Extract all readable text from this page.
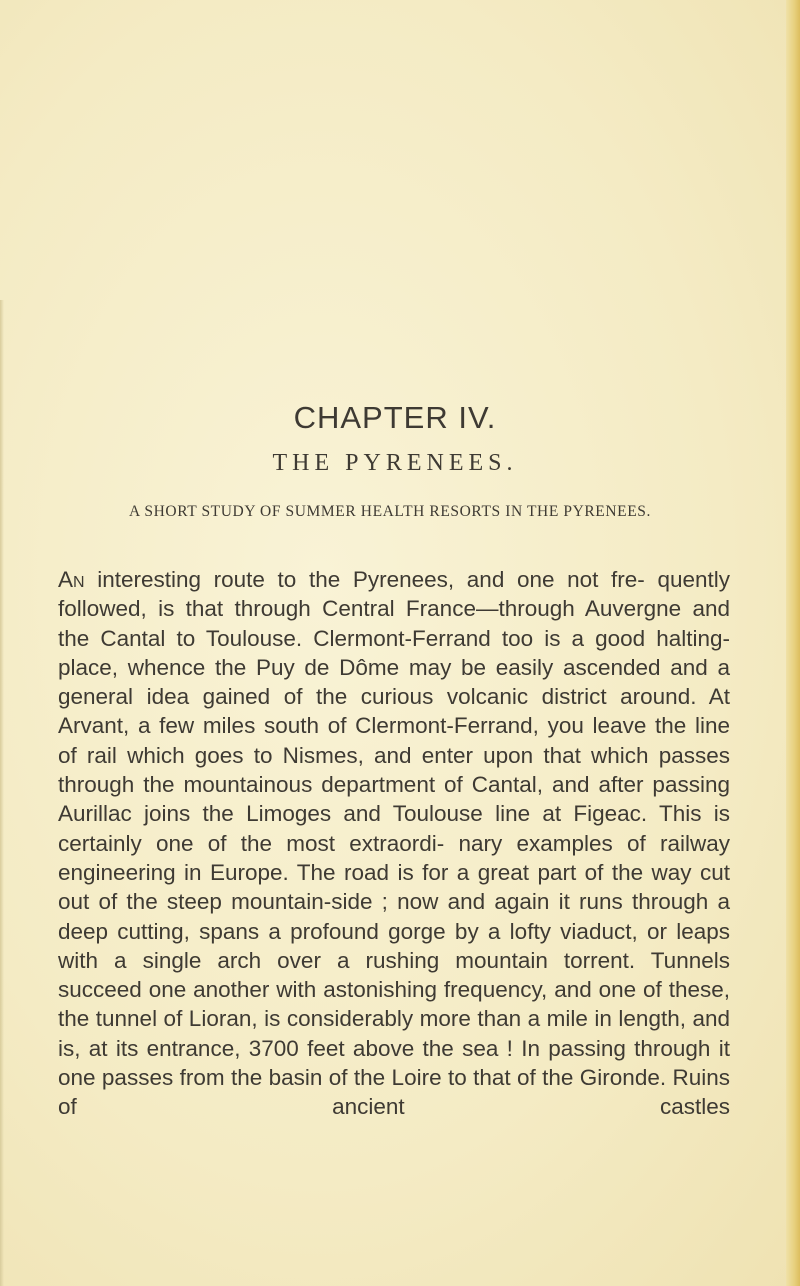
CHAPTER IV.
THE PYRENEES.

A SHORT STUDY OF SUMMER HEALTH RESORTS IN THE PYRENEES.

An interesting route to the Pyrenees, and one not fre- quently followed, is that through Central France—through Auvergne and the Cantal to Toulouse. Clermont-Ferrand too is a good halting-place, whence the Puy de Dôme may be easily ascended and a general idea gained of the curious volcanic district around. At Arvant, a few miles south of Clermont-Ferrand, you leave the line of rail which goes to Nismes, and enter upon that which passes through the mountainous department of Cantal, and after passing Aurillac joins the Limoges and Toulouse line at Figeac. This is certainly one of the most extraordi- nary examples of railway engineering in Europe. The road is for a great part of the way cut out of the steep mountain-side ; now and again it runs through a deep cutting, spans a profound gorge by a lofty viaduct, or leaps with a single arch over a rushing mountain torrent. Tunnels succeed one another with astonishing frequency, and one of these, the tunnel of Lioran, is considerably more than a mile in length, and is, at its entrance, 3700 feet above the sea ! In passing through it one passes from the basin of the Loire to that of the Gironde. Ruins of ancient castles
